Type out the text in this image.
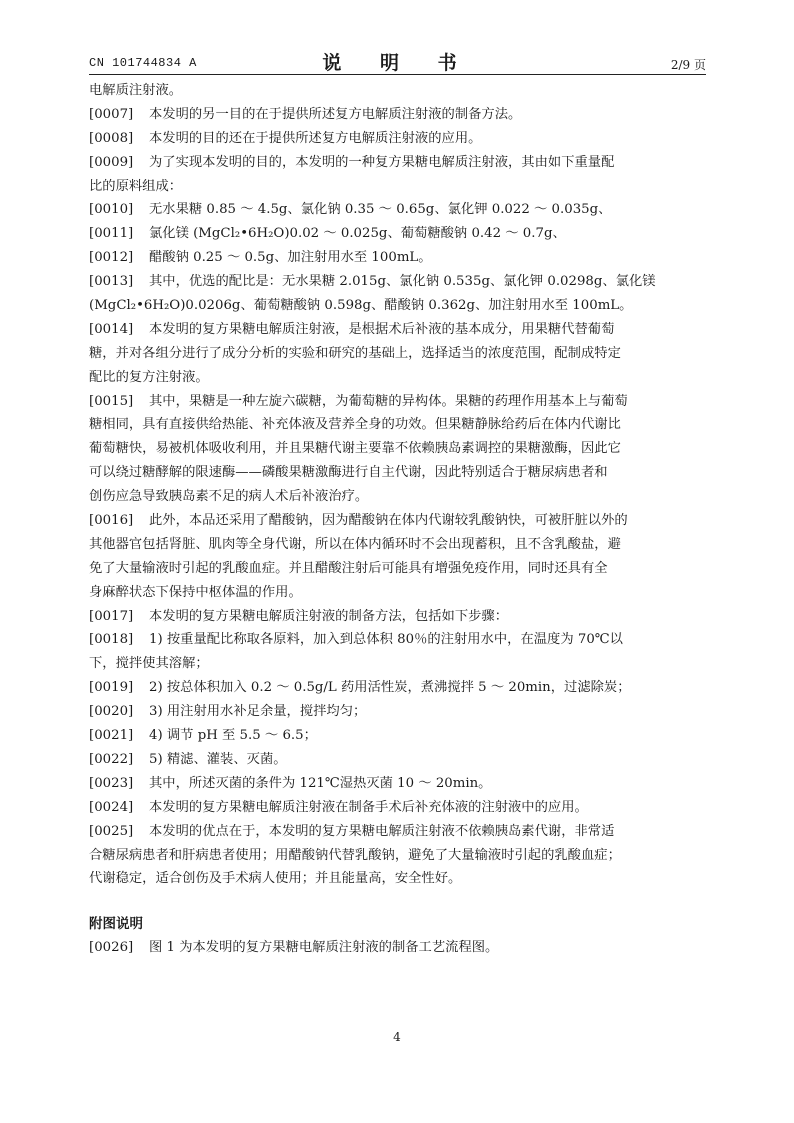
CN 101744834 A	说 明 书	2/9 页
电解质注射液。
[0007] 本发明的另一目的在于提供所述复方电解质注射液的制备方法。
[0008] 本发明的目的还在于提供所述复方电解质注射液的应用。
[0009] 为了实现本发明的目的，本发明的一种复方果糖电解质注射液，其由如下重量配
比的原料组成：
[0010] 无水果糖 0.85 ～ 4.5g、氯化钠 0.35 ～ 0.65g、氯化钾 0.022 ～ 0.035g、
[0011] 氯化镁 (MgCl₂•6H₂O)0.02 ～ 0.025g、葡萄糖酸钠 0.42 ～ 0.7g、
[0012] 醋酸钠 0.25 ～ 0.5g、加注射用水至 100mL。
[0013] 其中，优选的配比是：无水果糖 2.015g、氯化钠 0.535g、氯化钾 0.0298g、氯化镁
(MgCl₂•6H₂O)0.0206g、葡萄糖酸钠 0.598g、醋酸钠 0.362g、加注射用水至 100mL。
[0014] 本发明的复方果糖电解质注射液，是根据术后补液的基本成分，用果糖代替葡萄
糖，并对各组分进行了成分分析的实验和研究的基础上，选择适当的浓度范围，配制成特定
配比的复方注射液。
[0015] 其中，果糖是一种左旋六碳糖，为葡萄糖的异构体。果糖的药理作用基本上与葡萄
糖相同，具有直接供给热能、补充体液及营养全身的功效。但果糖静脉给药后在体内代谢比
葡萄糖快，易被机体吸收利用，并且果糖代谢主要靠不依赖胰岛素调控的果糖激酶，因此它
可以绕过糖酵解的限速酶——磷酸果糖激酶进行自主代谢，因此特别适合于糖尿病患者和
创伤应急导致胰岛素不足的病人术后补液治疗。
[0016] 此外，本品还采用了醋酸钠，因为醋酸钠在体内代谢较乳酸钠快，可被肝脏以外的
其他器官包括肾脏、肌肉等全身代谢，所以在体内循环时不会出现蓄积，且不含乳酸盐，避
免了大量输液时引起的乳酸血症。并且醋酸注射后可能具有增强免疫作用，同时还具有全
身麻醉状态下保持中枢体温的作用。
[0017] 本发明的复方果糖电解质注射液的制备方法，包括如下步骤：
[0018] 1) 按重量配比称取各原料，加入到总体积 80％的注射用水中，在温度为 70℃以
下，搅拌使其溶解；
[0019] 2) 按总体积加入 0.2 ～ 0.5g/L 药用活性炭，煮沸搅拌 5 ～ 20min，过滤除炭；
[0020] 3) 用注射用水补足余量，搅拌均匀；
[0021] 4) 调节 pH 至 5.5 ～ 6.5；
[0022] 5) 精滤、灌装、灭菌。
[0023] 其中，所述灭菌的条件为 121℃湿热灭菌 10 ～ 20min。
[0024] 本发明的复方果糖电解质注射液在制备手术后补充体液的注射液中的应用。
[0025] 本发明的优点在于，本发明的复方果糖电解质注射液不依赖胰岛素代谢，非常适
合糖尿病患者和肝病患者使用；用醋酸钠代替乳酸钠，避免了大量输液时引起的乳酸血症；
代谢稳定，适合创伤及手术病人使用；并且能量高，安全性好。
附图说明
[0026] 图 1 为本发明的复方果糖电解质注射液的制备工艺流程图。
4
